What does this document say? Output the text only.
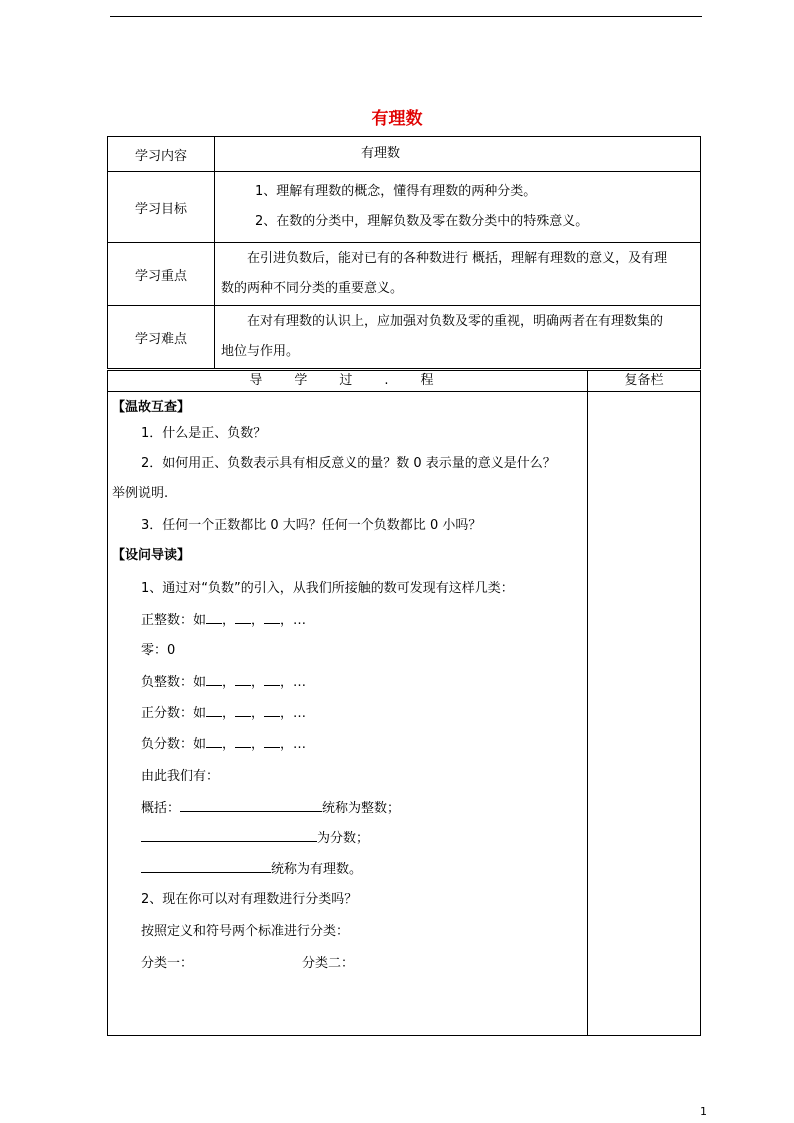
有理数
学习内容	有理数

学习目标	1、理解有理数的概念，懂得有理数的两种分类。
2、在数的分类中，理解负数及零在数分类中的特殊意义。

学习重点	在引进负数后，能对已有的各种数进行 概括，理解有理数的意义，及有理
数的两种不同分类的重要意义。

学习难点	在对有理数的认识上，应加强对负数及零的重视，明确两者在有理数集的
地位与作用。
导学过.程	复备栏
【温故互查】
1．什么是正、负数？
2．如何用正、负数表示具有相反意义的量？数 0 表示量的意义是什么？
举例说明.
3．任何一个正数都比 0 大吗？任何一个负数都比 0 小吗？
【设问导读】
1、通过对“负数”的引入，从我们所接触的数可发现有这样几类：
正整数：如 ， ， ，…
零：0
负整数：如 ， ， ，…
正分数：如 ， ， ，…
负分数：如 ， ， ，…
由此我们有：
概括：	统称为整数；
为分数；
统称为有理数。
2、现在你可以对有理数进行分类吗？
按照定义和符号两个标准进行分类：
分类一：	分类二：
1
